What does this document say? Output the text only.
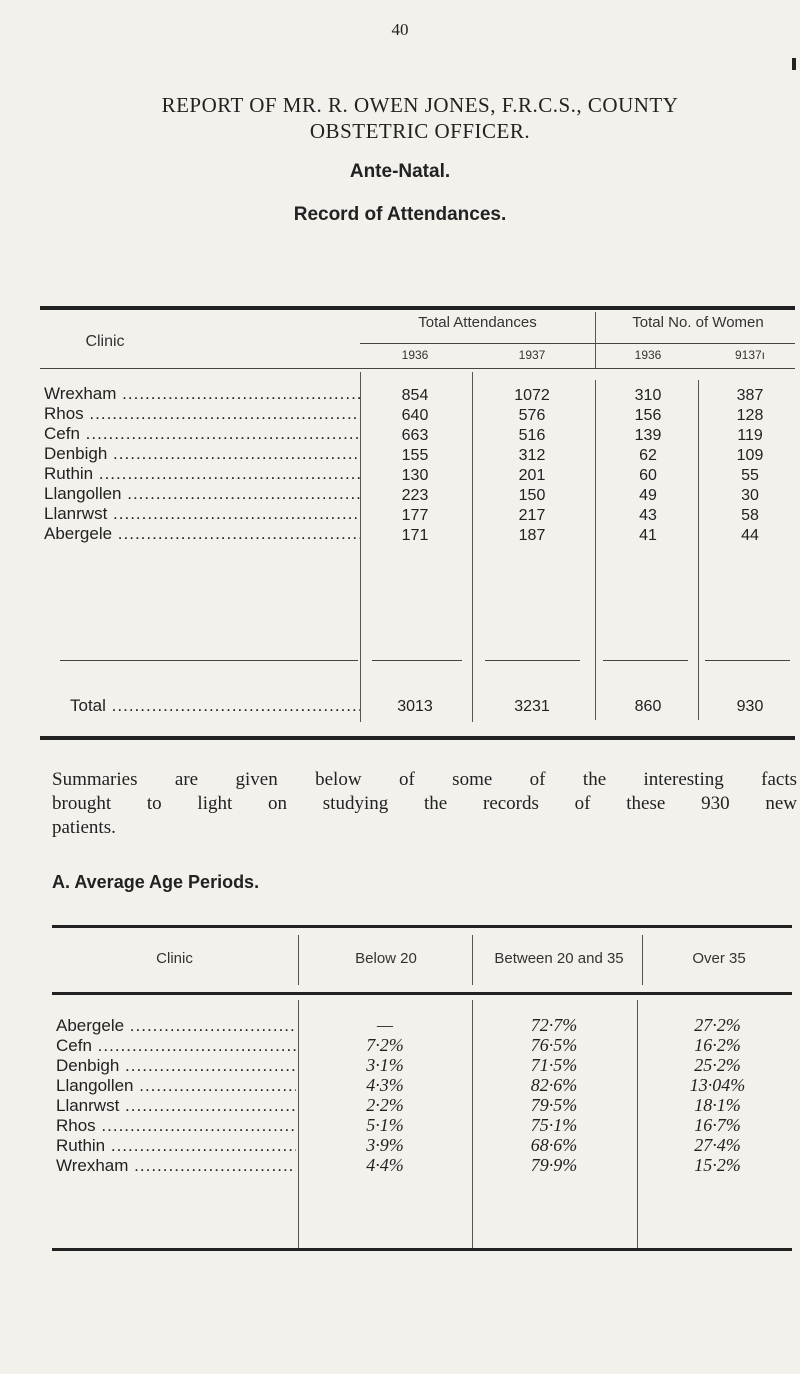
40
REPORT OF MR. R. OWEN JONES, F.R.C.S., COUNTY
OBSTETRIC OFFICER.
Ante-Natal.
Record of Attendances.
Clinic
Total Attendances	Total No. of Women
1936	1937	1936	9137ı
Wrexham .....	854	1072	310	387
Rhos .....	640	576	156	128
Cefn .....	663	516	139	119
Denbigh .....	155	312	62	109
Ruthin .....	130	201	60	55
Llangollen .....	223	150	49	30
Llanrwst .....	177	217	43	58
Abergele .....	171	187	41	44
Total .....	3013	3231	860	930
Summaries are given below of some of the interesting facts
brought to light on studying the records of these 930 new
patients.
A. Average Age Periods.
Clinic	Below 20	Between 20 and 35	Over 35
Abergele .....	—	72·7%	27·2%
Cefn .....	7·2%	76·5%	16·2%
Denbigh .....	3·1%	71·5%	25·2%
Llangollen .....	4·3%	82·6%	13·04%
Llanrwst .....	2·2%	79·5%	18·1%
Rhos .....	5·1%	75·1%	16·7%
Ruthin .....	3·9%	68·6%	27·4%
Wrexham .....	4·4%	79·9%	15·2%
